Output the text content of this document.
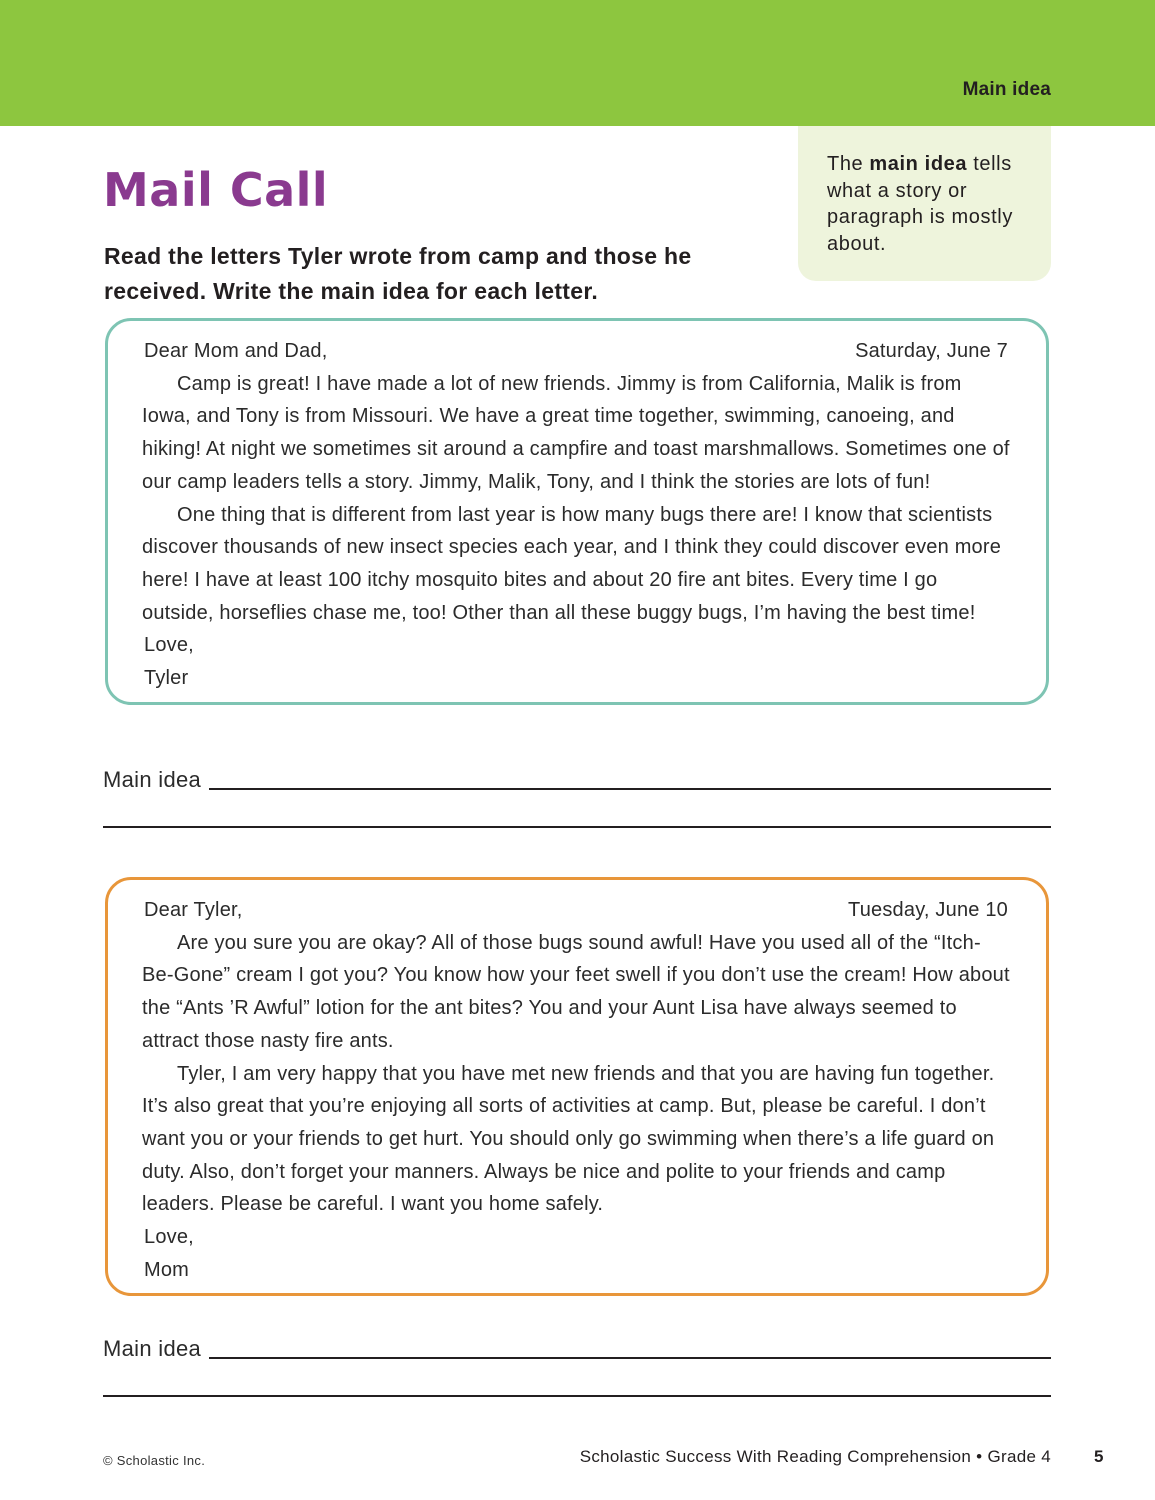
Main idea
The main idea tells what a story or paragraph is mostly about.
Mail Call
Read the letters Tyler wrote from camp and those he received. Write the main idea for each letter.
Dear Mom and Dad,	Saturday, June 7

Camp is great! I have made a lot of new friends. Jimmy is from California, Malik is from Iowa, and Tony is from Missouri. We have a great time together, swimming, canoeing, and hiking! At night we sometimes sit around a campfire and toast marshmallows. Sometimes one of our camp leaders tells a story. Jimmy, Malik, Tony, and I think the stories are lots of fun!

One thing that is different from last year is how many bugs there are! I know that scientists discover thousands of new insect species each year, and I think they could discover even more here! I have at least 100 itchy mosquito bites and about 20 fire ant bites. Every time I go outside, horseflies chase me, too! Other than all these buggy bugs, I’m having the best time!

Love,
Tyler
Main idea
Dear Tyler,	Tuesday, June 10

Are you sure you are okay? All of those bugs sound awful! Have you used all of the “Itch-Be-Gone” cream I got you? You know how your feet swell if you don’t use the cream! How about the “Ants ’R Awful” lotion for the ant bites? You and your Aunt Lisa have always seemed to attract those nasty fire ants.

Tyler, I am very happy that you have met new friends and that you are having fun together. It’s also great that you’re enjoying all sorts of activities at camp. But, please be careful. I don’t want you or your friends to get hurt. You should only go swimming when there’s a life guard on duty. Also, don’t forget your manners. Always be nice and polite to your friends and camp leaders. Please be careful. I want you home safely.

Love,
Mom
Main idea
© Scholastic Inc.	Scholastic Success With Reading Comprehension • Grade 4	5
